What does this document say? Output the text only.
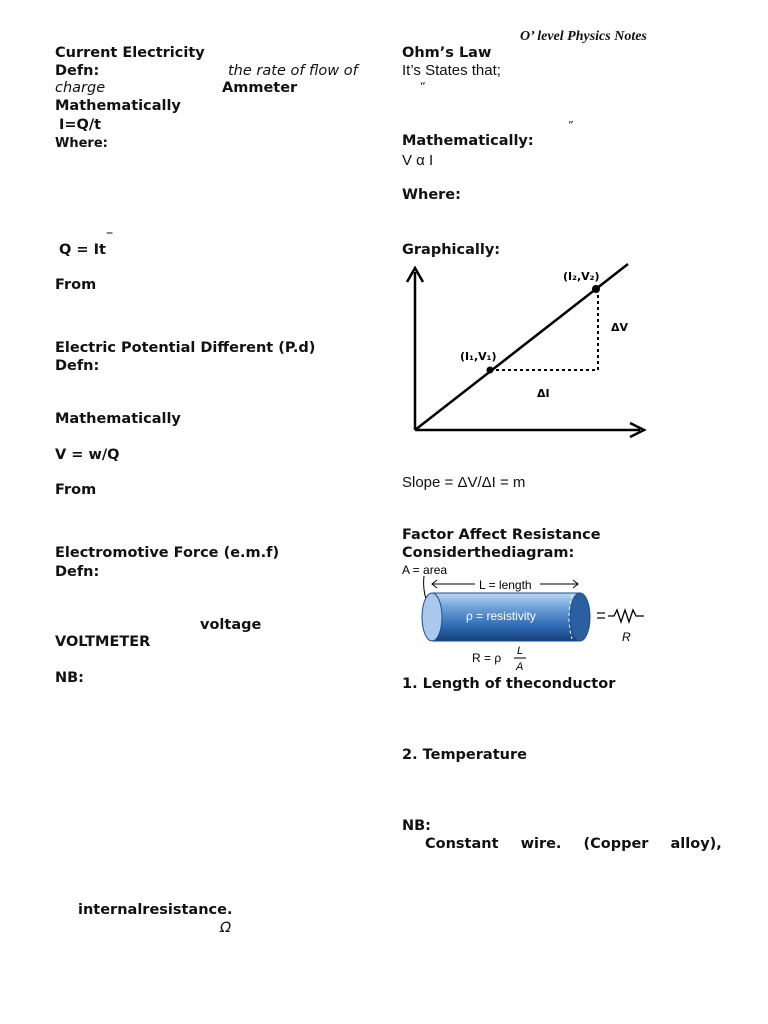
O’ level Physics Notes
Current Electricity
Defn:	the rate of flow of
charge	Ammeter
Mathematically
I=Q/t
Where:
–
Q = It
From
Electric Potential Different (P.d)
Defn:
Mathematically
V = w/Q
From
Electromotive Force (e.m.f)
Defn:
voltage
VOLTMETER
NB:
internalresistance.
Ω
Ohm’s Law
It’s States that;
“
”
Mathematically:
V α I
Where:
Graphically:
(I₂,V₂)
(I₁,V₁)
ΔV
ΔI
Slope = ΔV/ΔI = m
Factor Affect Resistance
Considerthediagram:
A = area
L = length
ρ = resistivity
R
R = ρ L
A
1. Length of theconductor
2. Temperature
NB:
Constant wire. (Copper alloy),
